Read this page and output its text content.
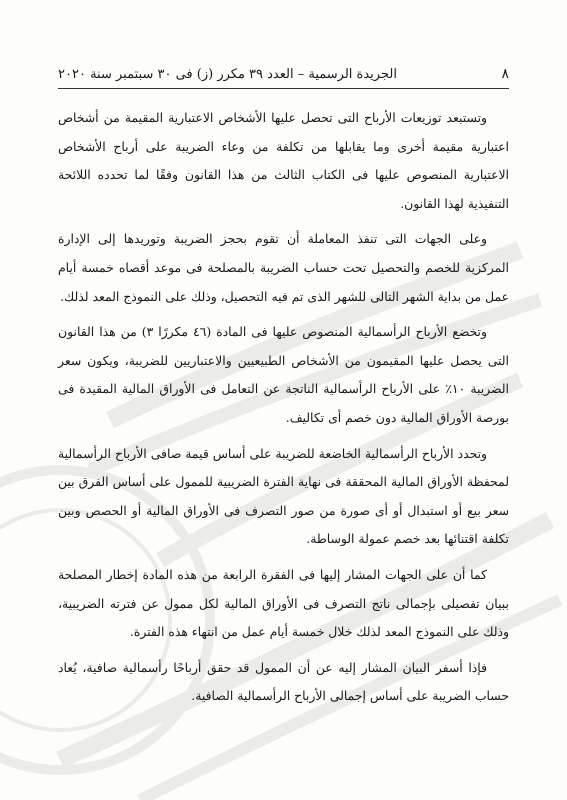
٨
الجريدة الرسمية – العدد ٣٩ مكرر (ز) فى ٣٠ سبتمبر سنة ٢٠٢٠

وتستبعد توزيعات الأرباح التى تحصل عليها الأشخاص الاعتبارية المقيمة من أشخاص اعتبارية مقيمة أخرى وما يقابلها من تكلفة من وعاء الضريبة على أرباح الأشخاص الاعتبارية المنصوص عليها فى الكتاب الثالث من هذا القانون وفقًا لما تحدده اللائحة التنفيذية لهذا القانون.

وعلى الجهات التى تنفذ المعاملة أن تقوم بحجز الضريبة وتوريدها إلى الإدارة المركزية للخصم والتحصيل تحت حساب الضريبة بالمصلحة فى موعد أقصاه خمسة أيام عمل من بداية الشهر التالى للشهر الذى تم فيه التحصيل، وذلك على النموذج المعد لذلك.

وتخضع الأرباح الرأسمالية المنصوص عليها فى المادة (٤٦ مكررًا ٣) من هذا القانون التى يحصل عليها المقيمون من الأشخاص الطبيعيين والاعتباريين للضريبة، ويكون سعر الضريبة ١٠٪ على الأرباح الرأسمالية الناتجة عن التعامل فى الأوراق المالية المقيدة فى بورصة الأوراق المالية دون خصم أى تكاليف.

وتحدد الأرباح الرأسمالية الخاضعة للضريبة على أساس قيمة صافى الأرباح الرأسمالية لمحفظة الأوراق المالية المحققة فى نهاية الفترة الضريبية للممول على أساس الفرق بين سعر بيع أو استبدال أو أى صورة من صور التصرف فى الأوراق المالية أو الحصص وبين تكلفة اقتنائها بعد خصم عمولة الوساطة.

كما أن على الجهات المشار إليها فى الفقرة الرابعة من هذه المادة إخطار المصلحة ببيان تفصيلى بإجمالى ناتج التصرف فى الأوراق المالية لكل ممول عن فترته الضريبية، وذلك على النموذج المعد لذلك خلال خمسة أيام عمل من انتهاء هذه الفترة.

فإذا أسفر البيان المشار إليه عن أن الممول قد حقق أرباحًا رأسمالية صافية، يُعاد حساب الضريبة على أساس إجمالى الأرباح الرأسمالية الصافية.
